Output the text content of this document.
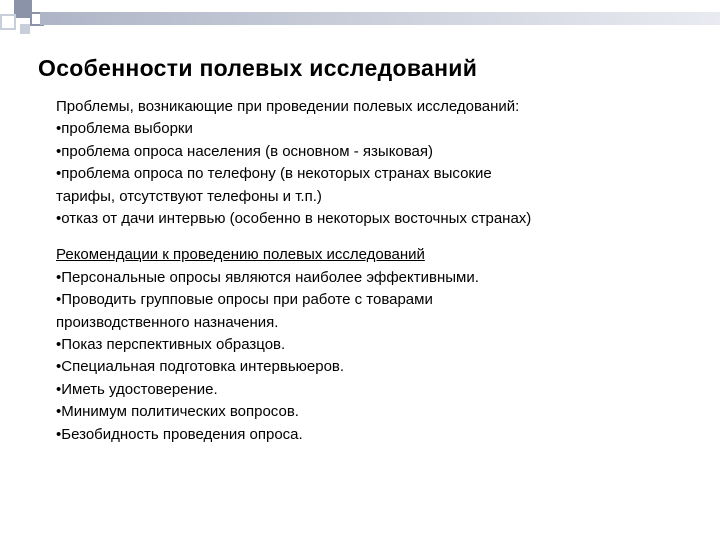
Особенности полевых исследований

Проблемы, возникающие при проведении полевых исследований:

•проблема выборки

•проблема опроса населения (в основном - языковая)

•проблема опроса по телефону (в некоторых странах высокие

тарифы, отсутствуют телефоны и т.п.)

•отказ от дачи интервью (особенно в некоторых восточных странах)

Рекомендации к проведению полевых исследований

•Персональные опросы являются наиболее эффективными.

•Проводить групповые опросы при работе с товарами

производственного назначения.

•Показ перспективных образцов.

•Специальная подготовка интервьюеров.

•Иметь удостоверение.

•Минимум политических вопросов.

•Безобидность проведения опроса.
